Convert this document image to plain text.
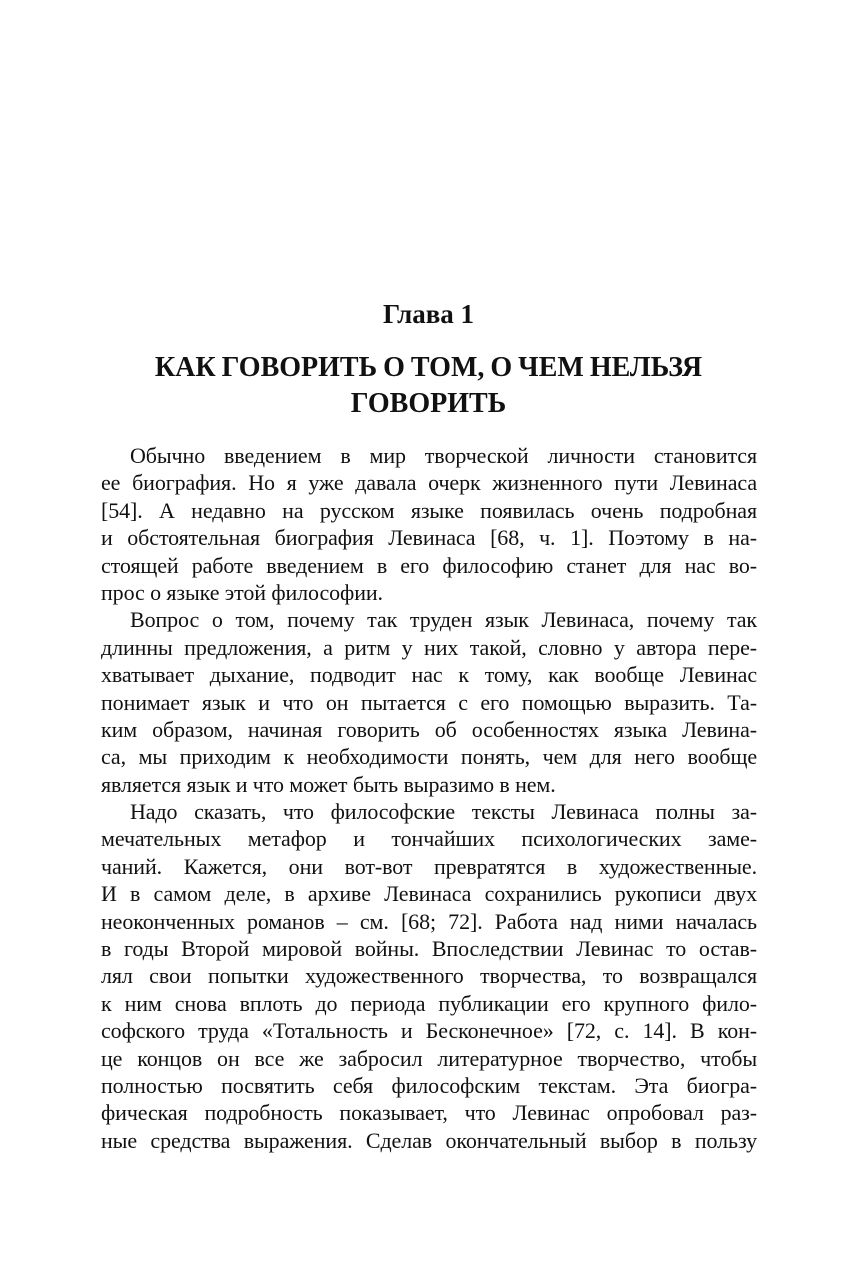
Глава 1
КАК ГОВОРИТЬ О ТОМ, О ЧЕМ НЕЛЬЗЯ
ГОВОРИТЬ
Обычно введением в мир творческой личности становится
ее биография. Но я уже давала очерк жизненного пути Левинаса
[54]. А недавно на русском языке появилась очень подробная
и обстоятельная биография Левинаса [68, ч. 1]. Поэтому в на-
стоящей работе введением в его философию станет для нас во-
прос о языке этой философии.
Вопрос о том, почему так труден язык Левинаса, почему так
длинны предложения, а ритм у них такой, словно у автора пере-
хватывает дыхание, подводит нас к тому, как вообще Левинас
понимает язык и что он пытается с его помощью выразить. Та-
ким образом, начиная говорить об особенностях языка Левина-
са, мы приходим к необходимости понять, чем для него вообще
является язык и что может быть выразимо в нем.
Надо сказать, что философские тексты Левинаса полны за-
мечательных метафор и тончайших психологических заме-
чаний. Кажется, они вот-вот превратятся в художественные.
И в самом деле, в архиве Левинаса сохранились рукописи двух
неоконченных романов – см. [68; 72]. Работа над ними началась
в годы Второй мировой войны. Впоследствии Левинас то остав-
лял свои попытки художественного творчества, то возвращался
к ним снова вплоть до периода публикации его крупного фило-
софского труда «Тотальность и Бесконечное» [72, с. 14]. В кон-
це концов он все же забросил литературное творчество, чтобы
полностью посвятить себя философским текстам. Эта биогра-
фическая подробность показывает, что Левинас опробовал раз-
ные средства выражения. Сделав окончательный выбор в пользу
